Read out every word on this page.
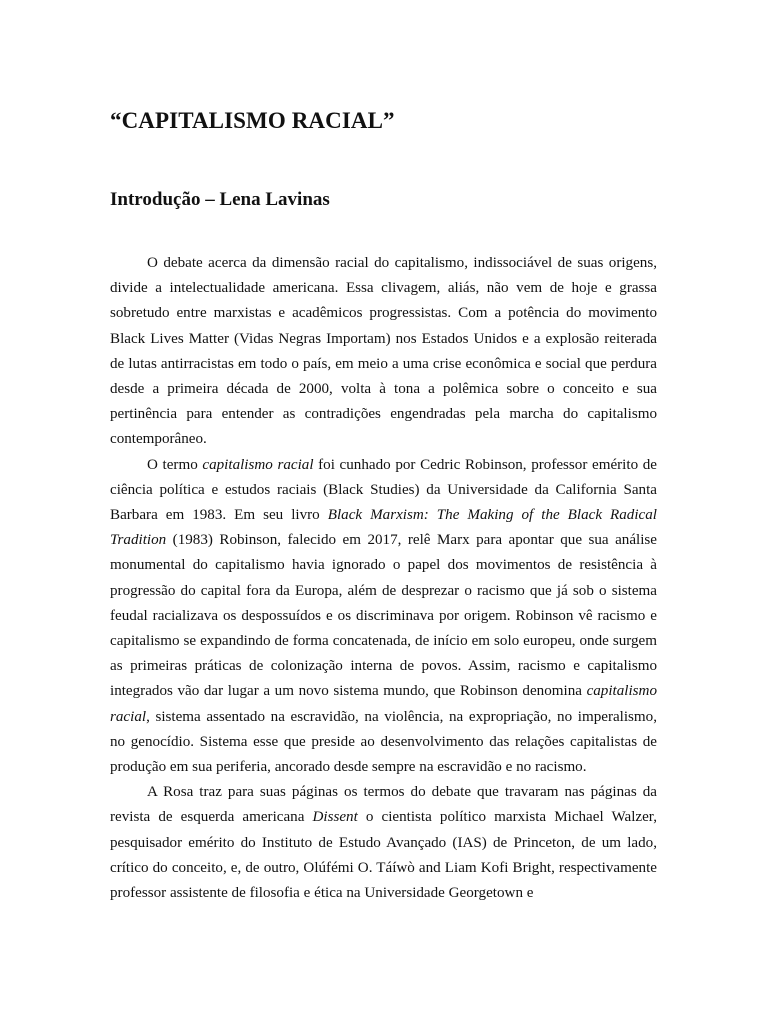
“CAPITALISMO RACIAL”
Introdução – Lena Lavinas

O debate acerca da dimensão racial do capitalismo, indissociável de suas origens, divide a intelectualidade americana. Essa clivagem, aliás, não vem de hoje e grassa sobretudo entre marxistas e acadêmicos progressistas. Com a potência do movimento Black Lives Matter (Vidas Negras Importam) nos Estados Unidos e a explosão reiterada de lutas antirracistas em todo o país, em meio a uma crise econômica e social que perdura desde a primeira década de 2000, volta à tona a polêmica sobre o conceito e sua pertinência para entender as contradições engendradas pela marcha do capitalismo contemporâneo.

O termo capitalismo racial foi cunhado por Cedric Robinson, professor emérito de ciência política e estudos raciais (Black Studies) da Universidade da California Santa Barbara em 1983. Em seu livro Black Marxism: The Making of the Black Radical Tradition (1983) Robinson, falecido em 2017, relê Marx para apontar que sua análise monumental do capitalismo havia ignorado o papel dos movimentos de resistência à progressão do capital fora da Europa, além de desprezar o racismo que já sob o sistema feudal racializava os despossuídos e os discriminava por origem. Robinson vê racismo e capitalismo se expandindo de forma concatenada, de início em solo europeu, onde surgem as primeiras práticas de colonização interna de povos. Assim, racismo e capitalismo integrados vão dar lugar a um novo sistema mundo, que Robinson denomina capitalismo racial, sistema assentado na escravidão, na violência, na expropriação, no imperalismo, no genocídio. Sistema esse que preside ao desenvolvimento das relações capitalistas de produção em sua periferia, ancorado desde sempre na escravidão e no racismo.

A Rosa traz para suas páginas os termos do debate que travaram nas páginas da revista de esquerda americana Dissent o cientista político marxista Michael Walzer, pesquisador emérito do Instituto de Estudo Avançado (IAS) de Princeton, de um lado, crítico do conceito, e, de outro, Olúfémi O. Táíwò and Liam Kofi Bright, respectivamente professor assistente de filosofia e ética na Universidade Georgetown e
